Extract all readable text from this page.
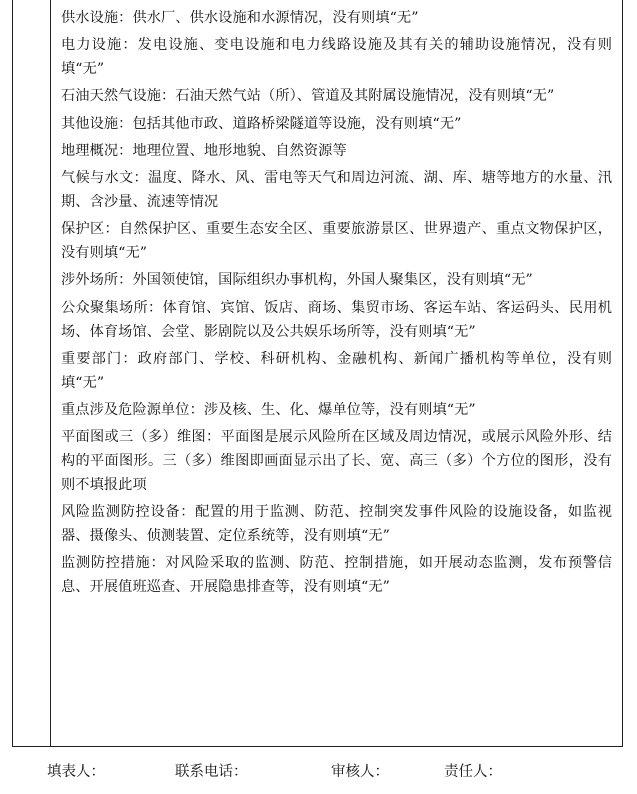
供水设施：供水厂、供水设施和水源情况，没有则填“无”
电力设施：发电设施、变电设施和电力线路设施及其有关的辅助设施情况，没有则填“无”
石油天然气设施：石油天然气站（所）、管道及其附属设施情况，没有则填“无”
其他设施：包括其他市政、道路桥梁隧道等设施，没有则填“无”
地理概况：地理位置、地形地貌、自然资源等
气候与水文：温度、降水、风、雷电等天气和周边河流、湖、库、塘等地方的水量、汛期、含沙量、流速等情况
保护区：自然保护区、重要生态安全区、重要旅游景区、世界遗产、重点文物保护区，没有则填“无”
涉外场所：外国领使馆，国际组织办事机构，外国人聚集区，没有则填“无”
公众聚集场所：体育馆、宾馆、饭店、商场、集贸市场、客运车站、客运码头、民用机场、体育场馆、会堂、影剧院以及公共娱乐场所等，没有则填“无”
重要部门：政府部门、学校、科研机构、金融机构、新闻广播机构等单位，没有则填“无”
重点涉及危险源单位：涉及核、生、化、爆单位等，没有则填“无”
平面图或三（多）维图：平面图是展示风险所在区域及周边情况，或展示风险外形、结构的平面图形。三（多）维图即画面显示出了长、宽、高三（多）个方位的图形，没有则不填报此项
风险监测防控设备：配置的用于监测、防范、控制突发事件风险的设施设备，如监视器、摄像头、侦测装置、定位系统等，没有则填“无”
监测防控措施：对风险采取的监测、防范、控制措施，如开展动态监测，发布预警信息、开展值班巡查、开展隐患排查等，没有则填“无”
填表人：	联系电话：	审核人：	责任人：
